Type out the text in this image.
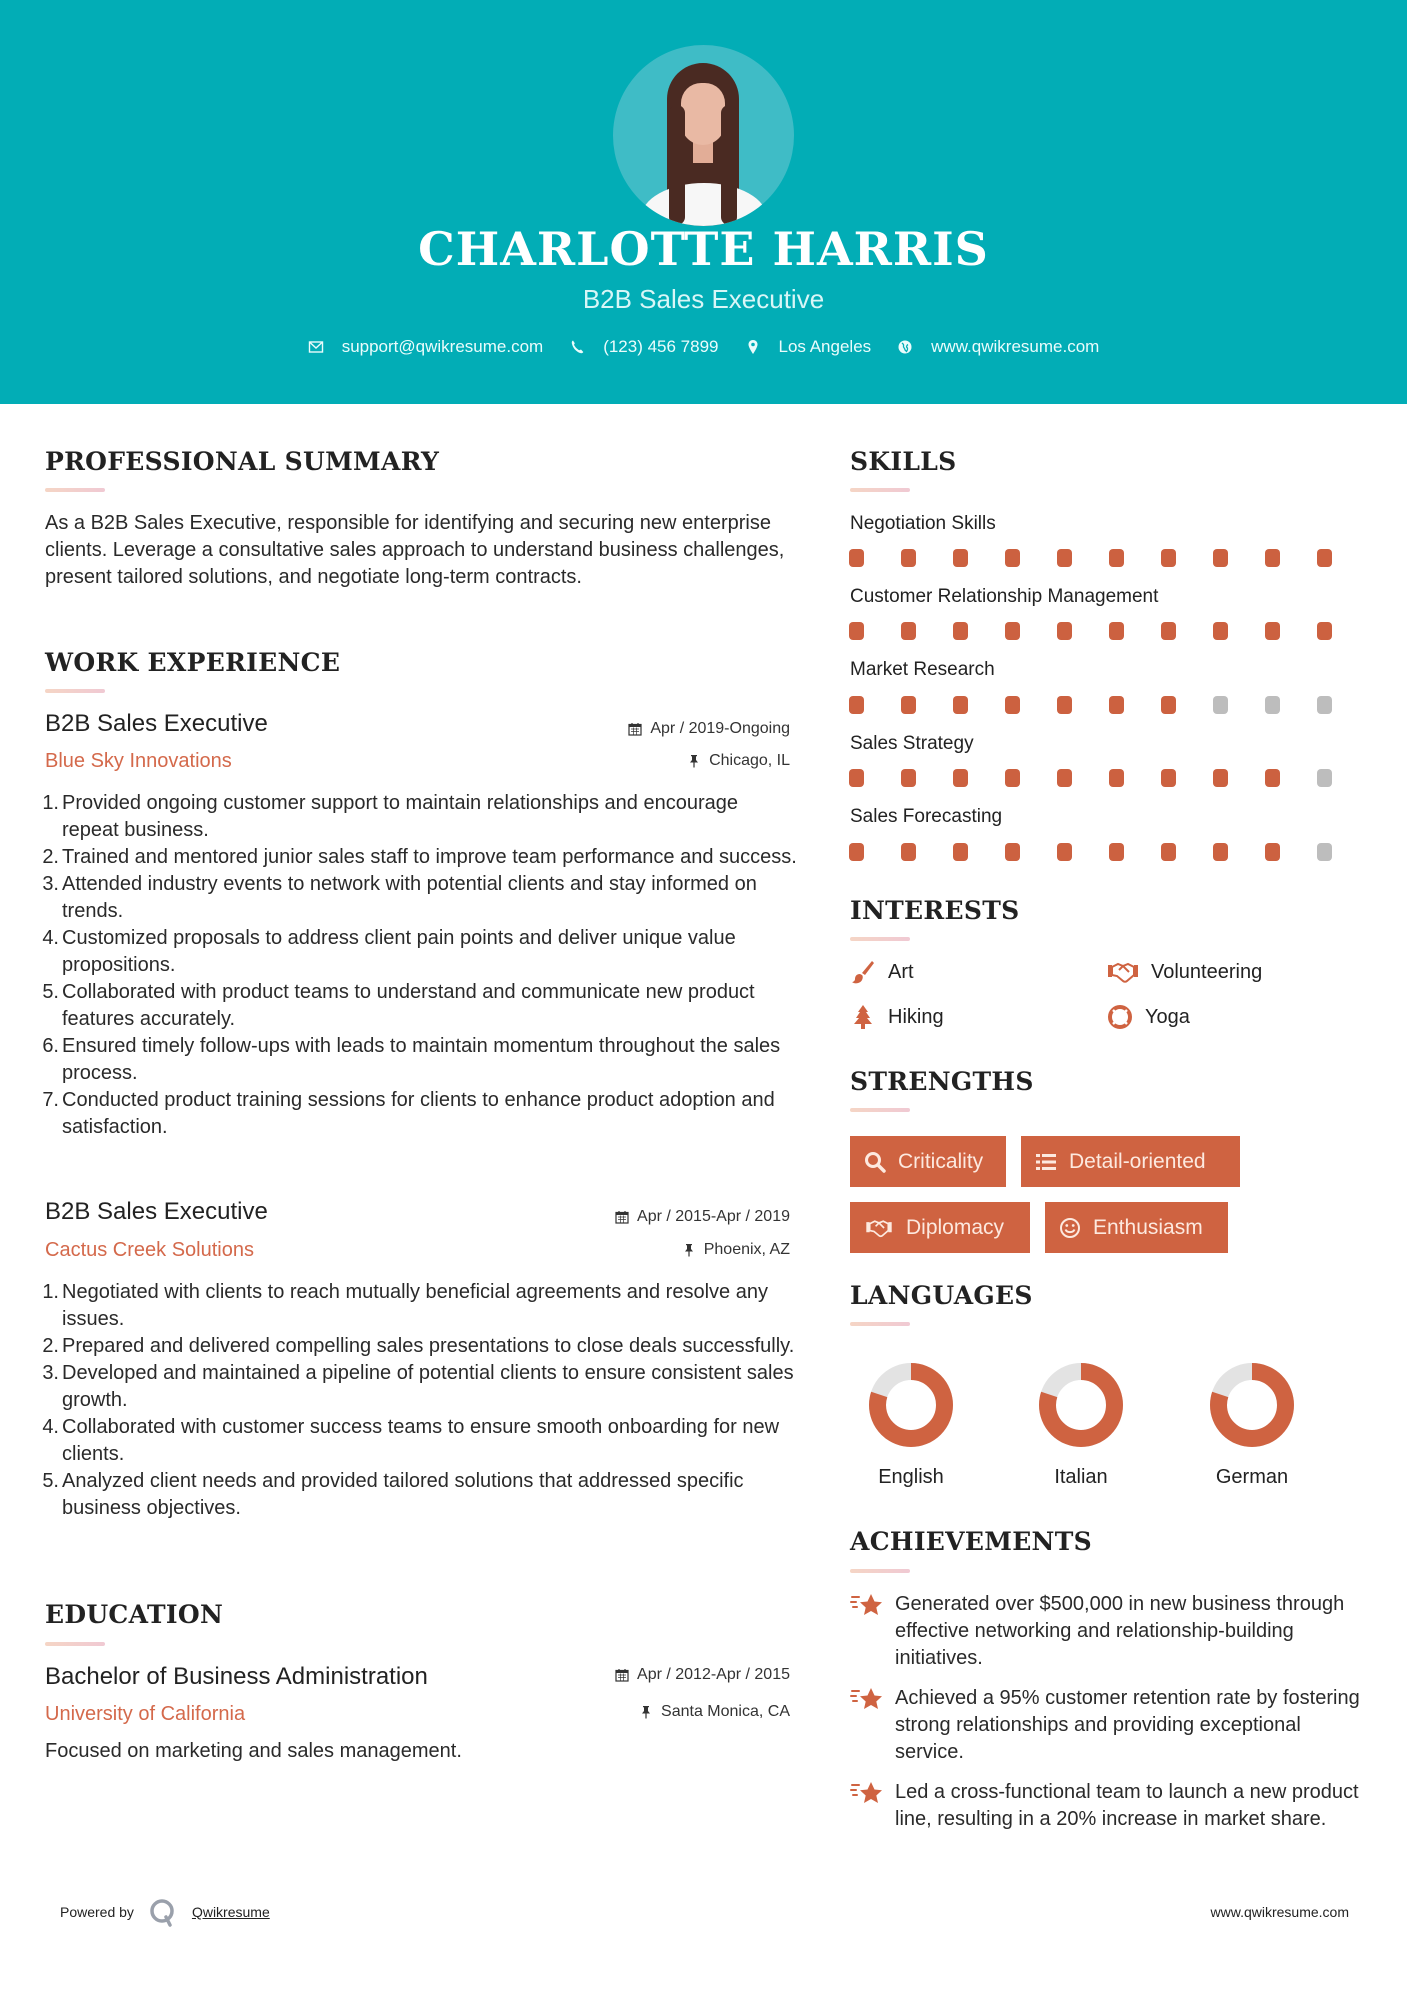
CHARLOTTE HARRIS
B2B Sales Executive
support@qwikresume.com	(123) 456 7899	Los Angeles	www.qwikresume.com
PROFESSIONAL SUMMARY
As a B2B Sales Executive, responsible for identifying and securing new enterprise clients. Leverage a consultative sales approach to understand business challenges, present tailored solutions, and negotiate long-term contracts.
WORK EXPERIENCE
B2B Sales Executive	Apr / 2019-Ongoing
Blue Sky Innovations	Chicago, IL
1. Provided ongoing customer support to maintain relationships and encourage repeat business.
2. Trained and mentored junior sales staff to improve team performance and success.
3. Attended industry events to network with potential clients and stay informed on trends.
4. Customized proposals to address client pain points and deliver unique value propositions.
5. Collaborated with product teams to understand and communicate new product features accurately.
6. Ensured timely follow-ups with leads to maintain momentum throughout the sales process.
7. Conducted product training sessions for clients to enhance product adoption and satisfaction.
B2B Sales Executive	Apr / 2015-Apr / 2019
Cactus Creek Solutions	Phoenix, AZ
1. Negotiated with clients to reach mutually beneficial agreements and resolve any issues.
2. Prepared and delivered compelling sales presentations to close deals successfully.
3. Developed and maintained a pipeline of potential clients to ensure consistent sales growth.
4. Collaborated with customer success teams to ensure smooth onboarding for new clients.
5. Analyzed client needs and provided tailored solutions that addressed specific business objectives.
EDUCATION
Bachelor of Business Administration	Apr / 2012-Apr / 2015
University of California	Santa Monica, CA
Focused on marketing and sales management.
SKILLS
Negotiation Skills
Customer Relationship Management
Market Research
Sales Strategy
Sales Forecasting
INTERESTS
Art	Volunteering
Hiking	Yoga
STRENGTHS
Criticality	Detail-oriented
Diplomacy	Enthusiasm
LANGUAGES
English	Italian	German
ACHIEVEMENTS
Generated over $500,000 in new business through effective networking and relationship-building initiatives.
Achieved a 95% customer retention rate by fostering strong relationships and providing exceptional service.
Led a cross-functional team to launch a new product line, resulting in a 20% increase in market share.
Powered by	Qwikresume	www.qwikresume.com
